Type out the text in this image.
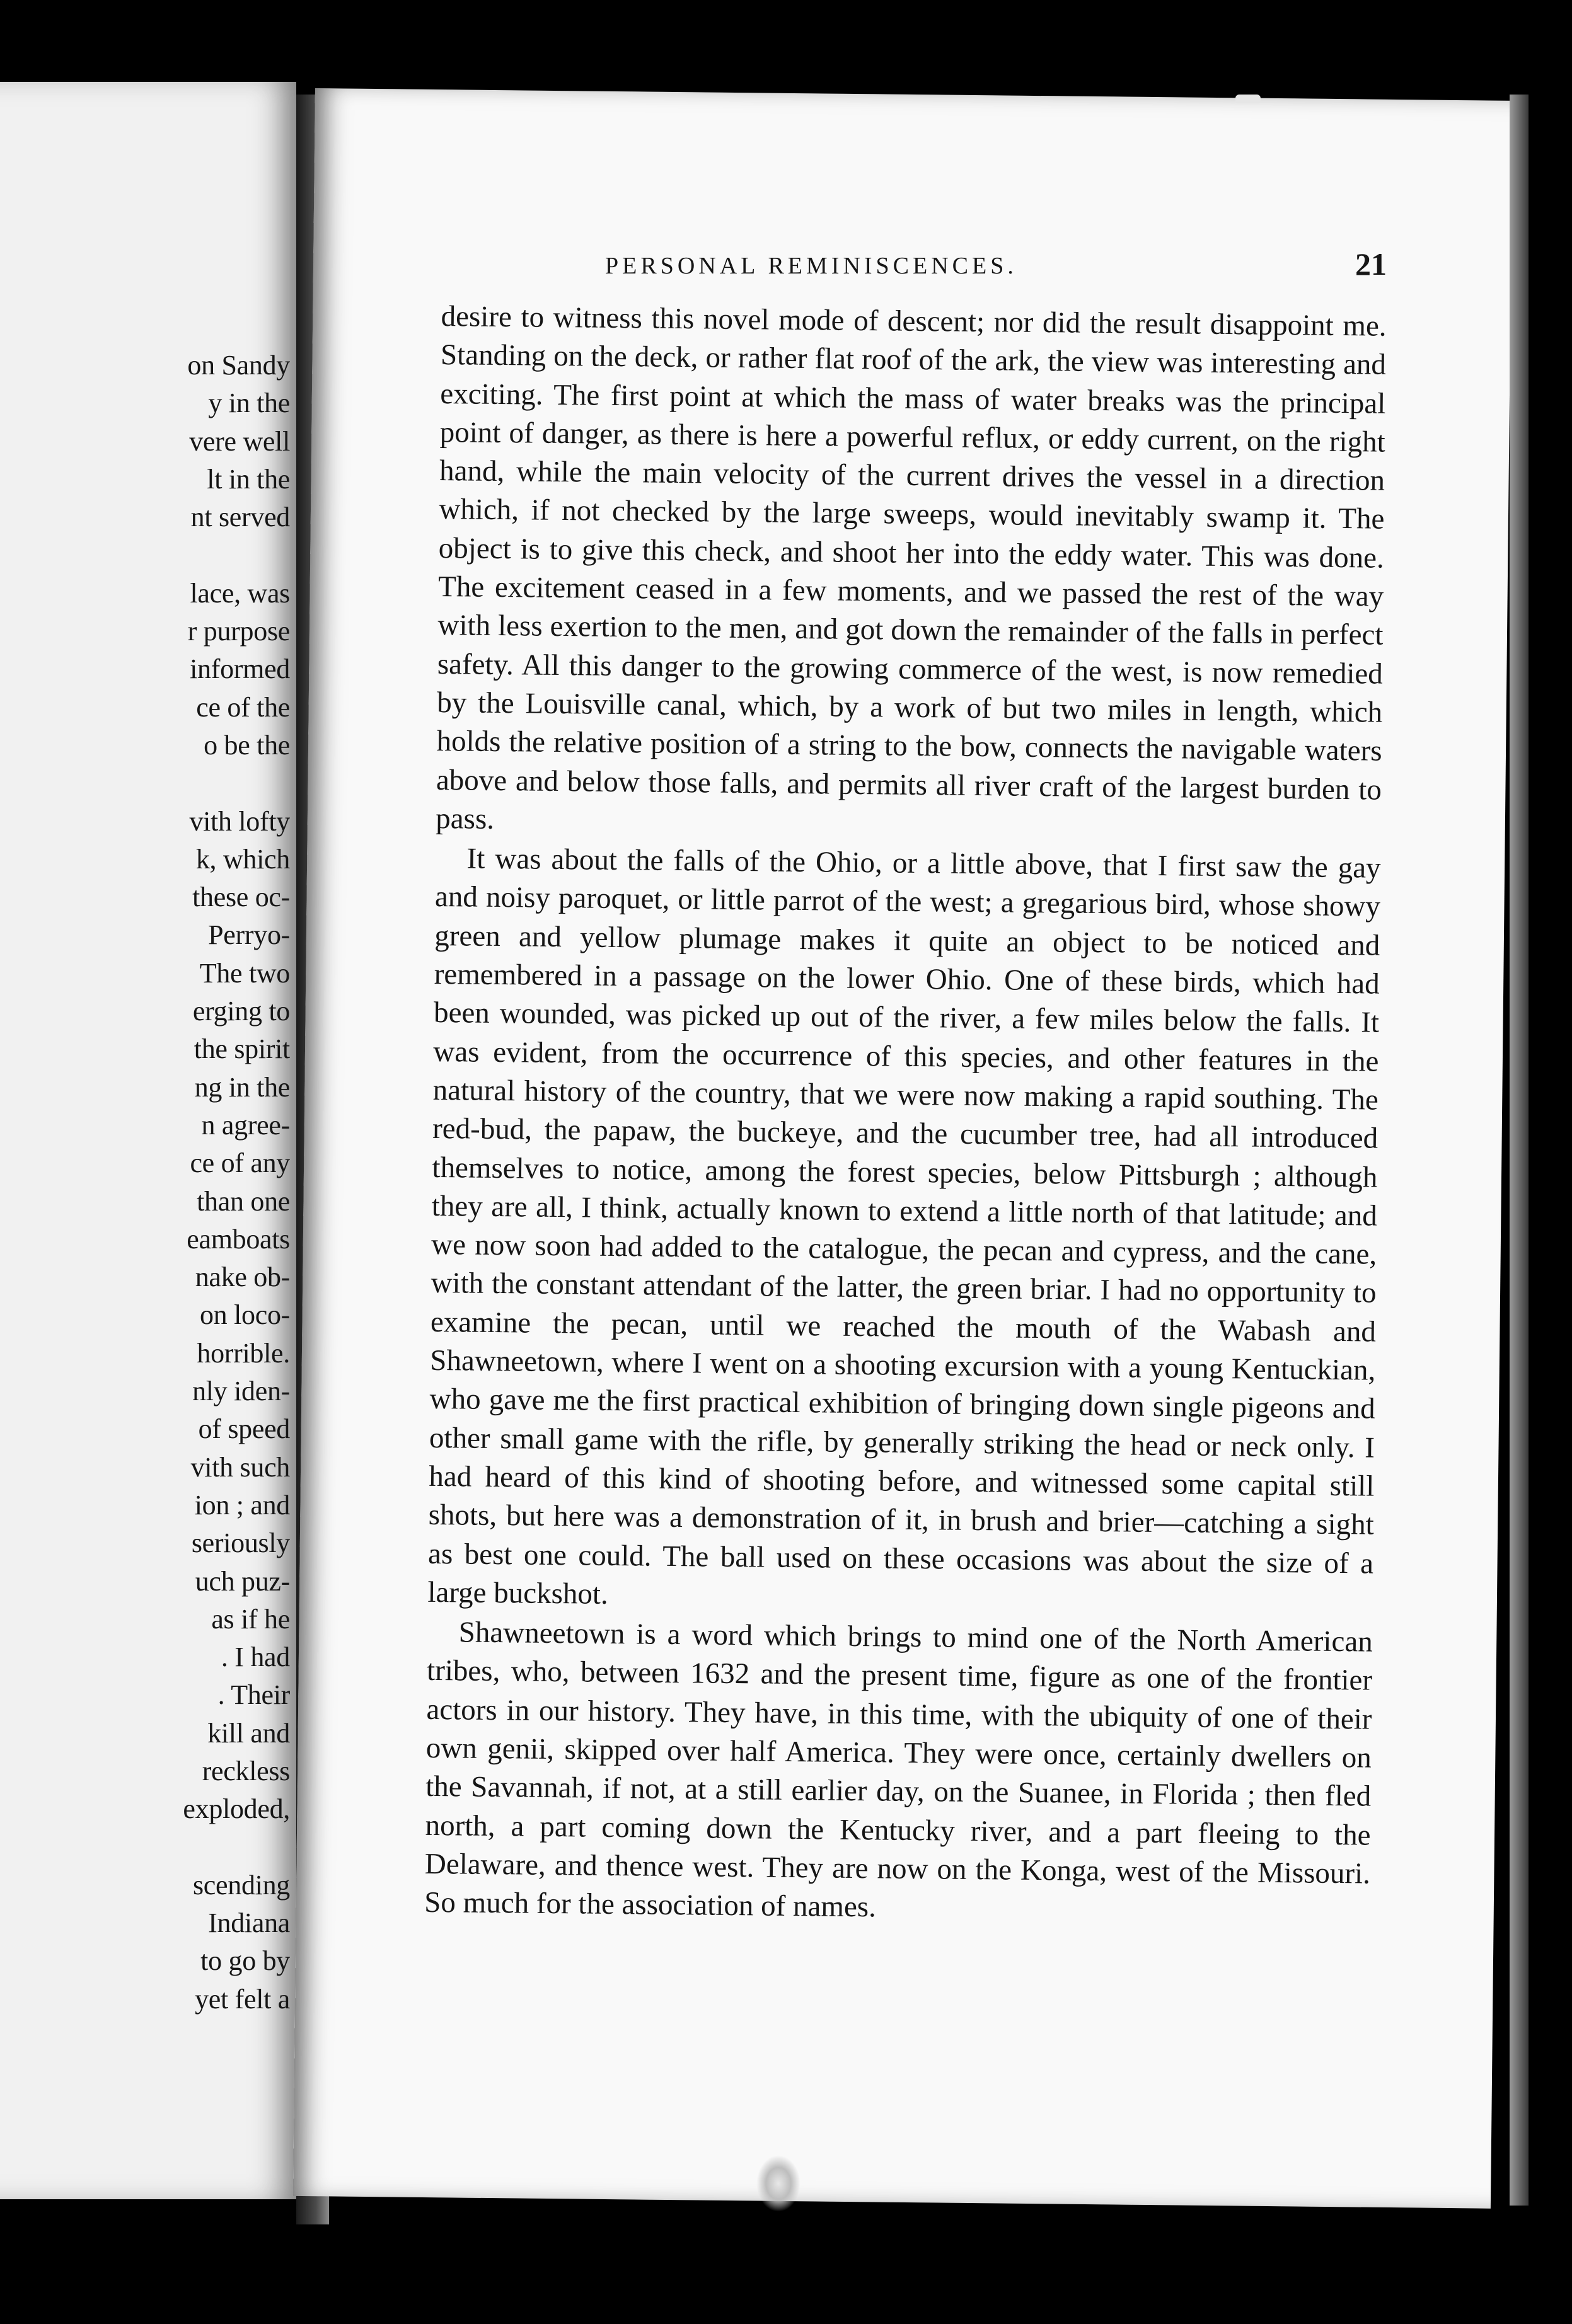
on Sandy
y in the
vere well
lt in the
nt served
lace, was
r purpose
informed
ce of the
o be the
vith lofty
k, which
these oc-
Perryo-
The two
erging to
the spirit
ng in the
n agree-
ce of any
than one
eamboats
nake ob-
on loco-
horrible.
nly iden-
of speed
vith such
ion ; and
seriously
uch puz-
as if he
. I had
. Their
kill and
reckless
exploded,
scending
Indiana
to go by
yet felt a
PERSONAL REMINISCENCES.	21

desire to witness this novel mode of descent; nor did the result disappoint me. Standing on the deck, or rather flat roof of the ark, the view was interesting and exciting. The first point at which the mass of water breaks was the principal point of danger, as there is here a powerful reflux, or eddy current, on the right hand, while the main velocity of the current drives the vessel in a direction which, if not checked by the large sweeps, would inevitably swamp it. The object is to give this check, and shoot her into the eddy water. This was done. The excitement ceased in a few moments, and we passed the rest of the way with less exertion to the men, and got down the remainder of the falls in perfect safety. All this danger to the growing commerce of the west, is now remedied by the Louisville canal, which, by a work of but two miles in length, which holds the relative position of a string to the bow, connects the navigable waters above and below those falls, and permits all river craft of the largest burden to pass.

It was about the falls of the Ohio, or a little above, that I first saw the gay and noisy paroquet, or little parrot of the west; a gregarious bird, whose showy green and yellow plumage makes it quite an object to be noticed and remembered in a passage on the lower Ohio. One of these birds, which had been wounded, was picked up out of the river, a few miles below the falls. It was evident, from the occurrence of this species, and other features in the natural history of the country, that we were now making a rapid southing. The red-bud, the papaw, the buckeye, and the cucumber tree, had all introduced themselves to notice, among the forest species, below Pittsburgh ; although they are all, I think, actually known to extend a little north of that latitude; and we now soon had added to the catalogue, the pecan and cypress, and the cane, with the constant attendant of the latter, the green briar. I had no opportunity to examine the pecan, until we reached the mouth of the Wabash and Shawneetown, where I went on a shooting excursion with a young Kentuckian, who gave me the first practical exhibition of bringing down single pigeons and other small game with the rifle, by generally striking the head or neck only. I had heard of this kind of shooting before, and witnessed some capital still shots, but here was a demonstration of it, in brush and brier—catching a sight as best one could. The ball used on these occasions was about the size of a large buckshot.

Shawneetown is a word which brings to mind one of the North American tribes, who, between 1632 and the present time, figure as one of the frontier actors in our history. They have, in this time, with the ubiquity of one of their own genii, skipped over half America. They were once, certainly dwellers on the Savannah, if not, at a still earlier day, on the Suanee, in Florida ; then fled north, a part coming down the Kentucky river, and a part fleeing to the Delaware, and thence west. They are now on the Konga, west of the Missouri. So much for the association of names.
